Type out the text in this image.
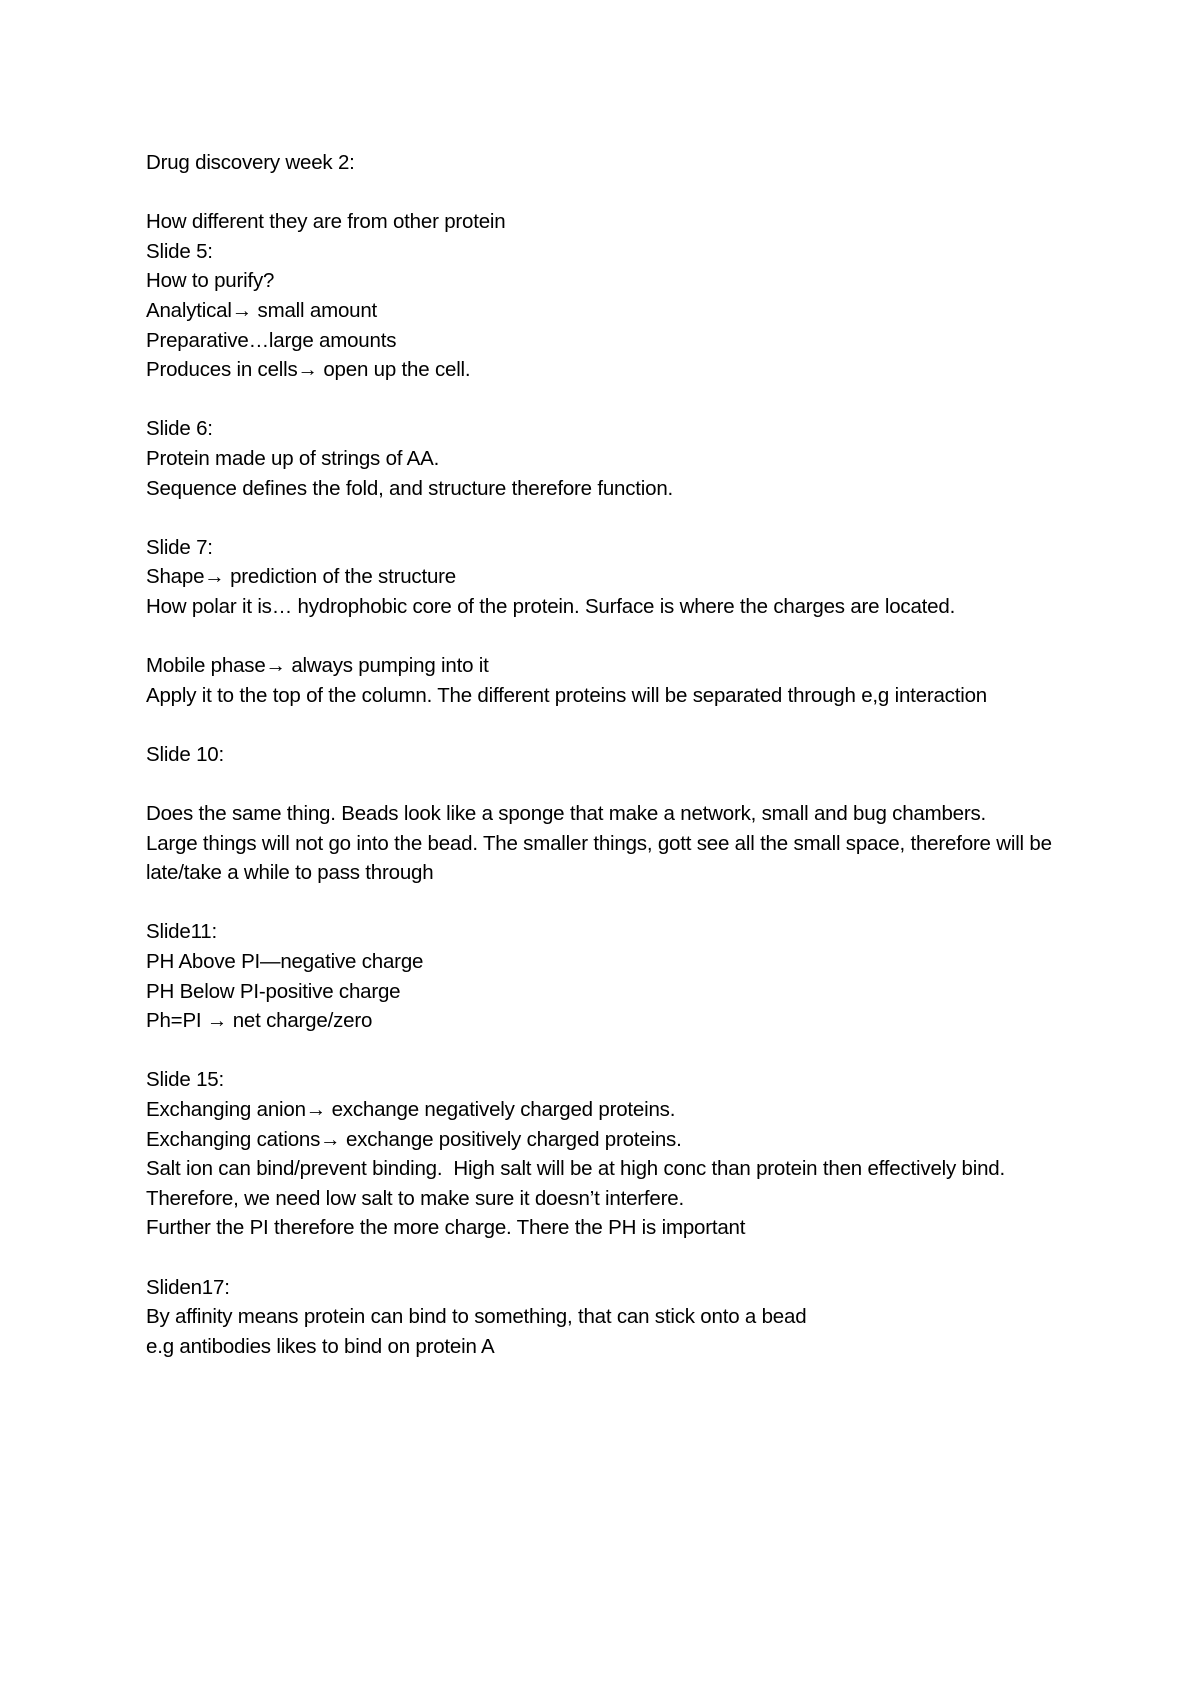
Drug discovery week 2:
How different they are from other protein
Slide 5:
How to purify?
Analytical→ small amount
Preparative…large amounts
Produces in cells→ open up the cell.
Slide 6:
Protein made up of strings of AA.
Sequence defines the fold, and structure therefore function.
Slide 7:
Shape→ prediction of the structure
How polar it is… hydrophobic core of the protein. Surface is where the charges are located.
Mobile phase→ always pumping into it
Apply it to the top of the column. The different proteins will be separated through e,g interaction
Slide 10:
Does the same thing. Beads look like a sponge that make a network, small and bug chambers.
Large things will not go into the bead. The smaller things, gott see all the small space, therefore will be late/take a while to pass through
Slide11:
PH Above PI—negative charge
PH Below PI-positive charge
Ph=PI → net charge/zero
Slide 15:
Exchanging anion→ exchange negatively charged proteins.
Exchanging cations→ exchange positively charged proteins.
Salt ion can bind/prevent binding.  High salt will be at high conc than protein then effectively bind. Therefore, we need low salt to make sure it doesn’t interfere.
Further the PI therefore the more charge. There the PH is important
Sliden17:
By affinity means protein can bind to something, that can stick onto a bead
e.g antibodies likes to bind on protein A
